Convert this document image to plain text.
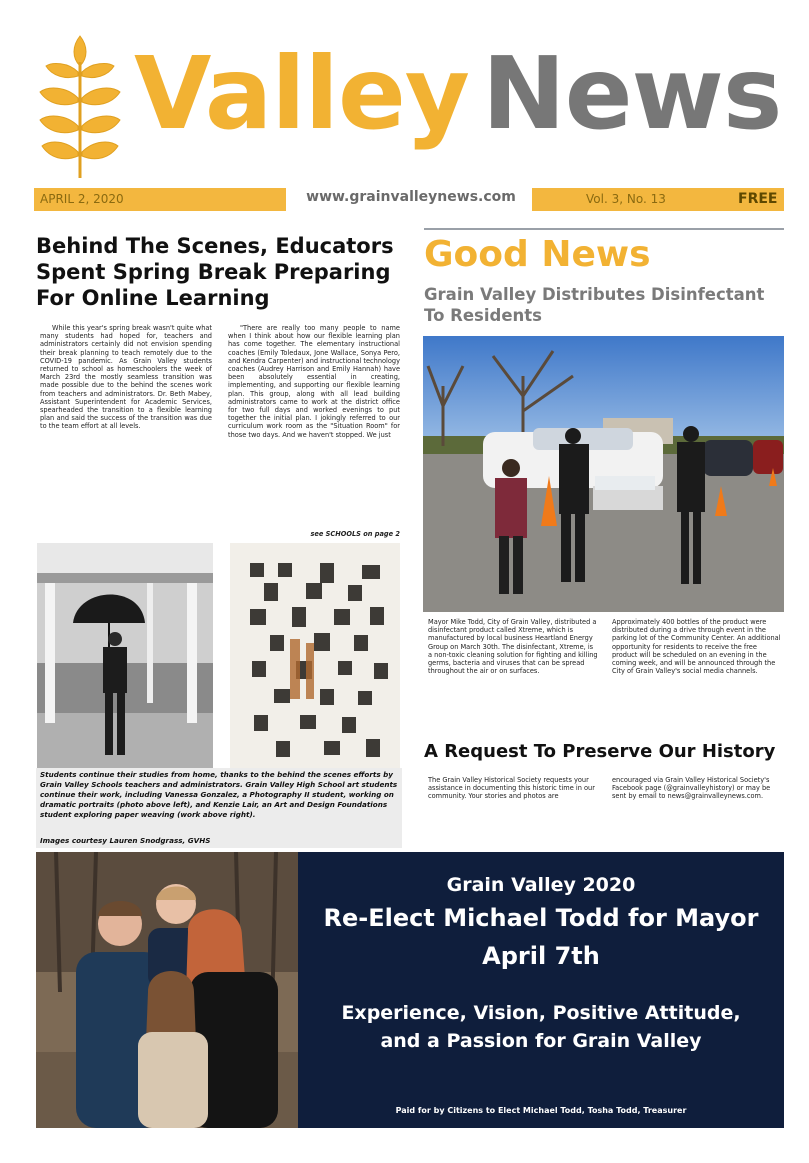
Valley News
APRIL 2, 2020	www.grainvalleynews.com	Vol. 3, No. 13	FREE
Behind The Scenes, Educators Spent Spring Break Preparing For Online Learning
While this year's spring break wasn't quite what many students had hoped for, teachers and administrators certainly did not envision spending their break planning to teach remotely due to the COVID-19 pandemic. As Grain Valley students returned to school as homeschoolers the week of March 23rd the mostly seamless transition was made possible due to the behind the scenes work from teachers and administrators. Dr. Beth Mabey, Assistant Superintendent for Academic Services, spearheaded the transition to a flexible learning plan and said the success of the transition was due to the team effort at all levels.
"There are really too many people to name when I think about how our flexible learning plan has come together. The elementary instructional coaches (Emily Toledaux, Jone Wallace, Sonya Pero, and Kendra Carpenter) and instructional technology coaches (Audrey Harrison and Emily Hannah) have been absolutely essential in creating, implementing, and supporting our flexible learning plan. This group, along with all lead building administrators came to work at the district office for two full days and worked evenings to put together the initial plan. I jokingly referred to our curriculum work room as the "Situation Room" for those two days. And we haven't stopped. We just
see SCHOOLS on page 2
Students continue their studies from home, thanks to the behind the scenes efforts by Grain Valley Schools teachers and administrators. Grain Valley High School art students continue their work, including Vanessa Gonzalez, a Photography II student, working on dramatic portraits (photo above left), and Kenzie Lair, an Art and Design Foundations student exploring paper weaving (work above right).
Images courtesy Lauren Snodgrass, GVHS
Good News
Grain Valley Distributes Disinfectant To Residents
Mayor Mike Todd, City of Grain Valley, distributed a disinfectant product called Xtreme, which is manufactured by local business Heartland Energy Group on March 30th. The disinfectant, Xtreme, is a non-toxic cleaning solution for fighting and killing germs, bacteria and viruses that can be spread throughout the air or on surfaces.
Approximately 400 bottles of the product were distributed during a drive through event in the parking lot of the Community Center. An additional opportunity for residents to receive the free product will be scheduled on an evening in the coming week, and will be announced through the City of Grain Valley's social media channels.
A Request To Preserve Our History
The Grain Valley Historical Society requests your assistance in documenting this historic time in our community. Your stories and photos are
encouraged via Grain Valley Historical Society's Facebook page (@grainvalleyhistory) or may be sent by email to news@grainvalleynews.com.
Grain Valley 2020
Re-Elect Michael Todd for Mayor
April 7th
Experience, Vision, Positive Attitude,
and a Passion for Grain Valley
Paid for by Citizens to Elect Michael Todd, Tosha Todd, Treasurer
